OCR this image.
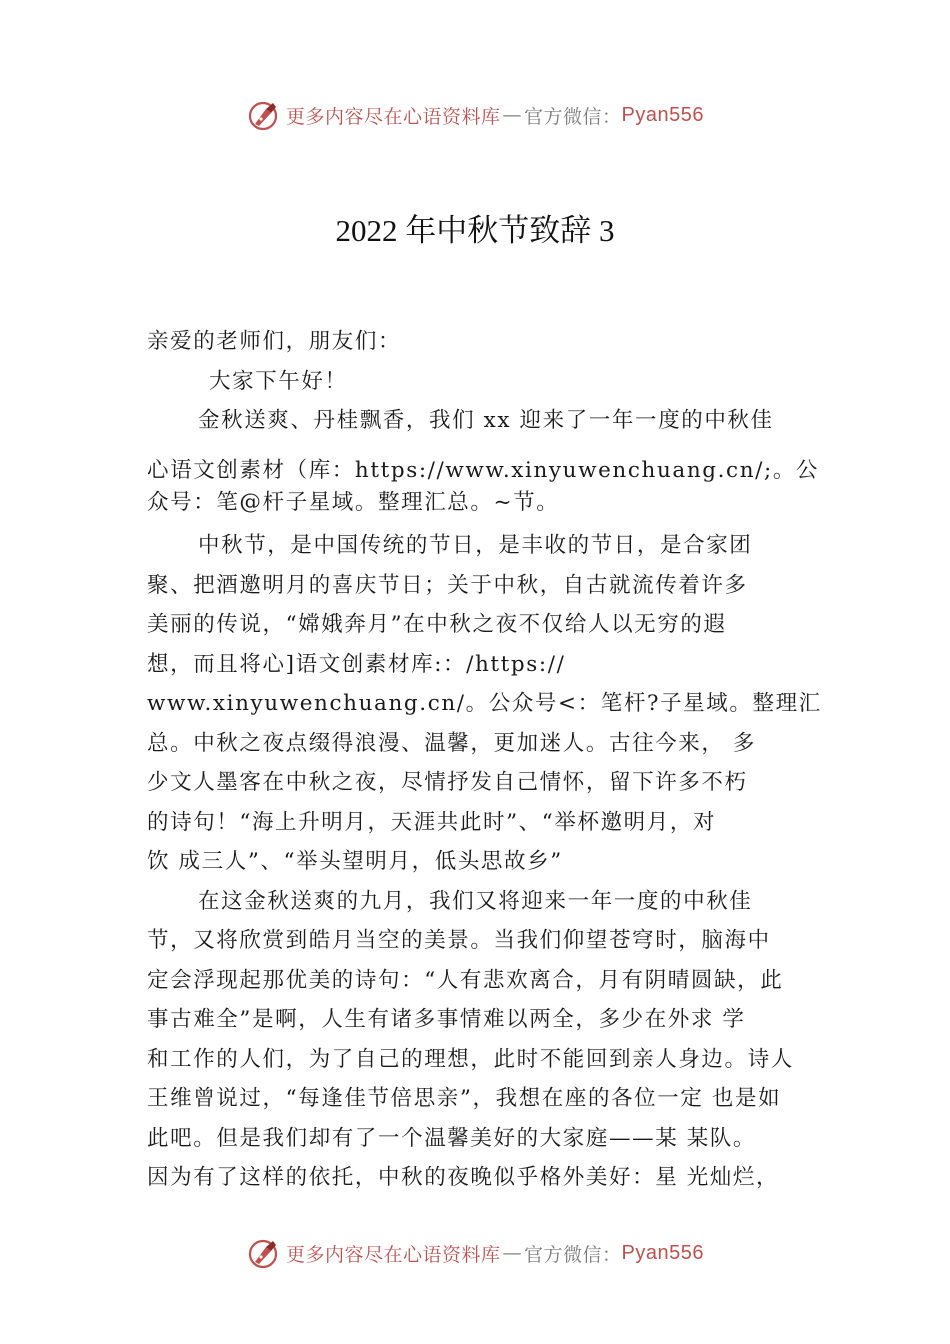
更多内容尽在心语资料库 — 官方微信： Pyan556
2022 年中秋节致辞 3

亲爱的老师们，朋友们：

大家下午好！

金秋送爽、丹桂飘香，我们 xx 迎来了一年一度的中秋佳

心语文创素材（库：https://www.xinyuwenchuang.cn/;。公

众号：笔@杆子星域。整理汇总。~节。

中秋节，是中国传统的节日，是丰收的节日，是合家团

聚、把酒邀明月的喜庆节日；关于中秋，自古就流传着许多

美丽的传说，“嫦娥奔月”在中秋之夜不仅给人以无穷的遐

想，而且将心]语文创素材库:：/https://

www.xinyuwenchuang.cn/。公众号<：笔杆?子星域。整理汇

总。中秋之夜点缀得浪漫、温馨，更加迷人。古往今来， 多

少文人墨客在中秋之夜，尽情抒发自己情怀，留下许多不朽

的诗句！“海上升明月，天涯共此时”、“举杯邀明月，对

饮 成三人”、“举头望明月，低头思故乡”

在这金秋送爽的九月，我们又将迎来一年一度的中秋佳

节，又将欣赏到皓月当空的美景。当我们仰望苍穹时，脑海中

定会浮现起那优美的诗句：“人有悲欢离合，月有阴晴圆缺，此

事古难全”是啊，人生有诸多事情难以两全，多少在外求 学

和工作的人们，为了自己的理想，此时不能回到亲人身边。诗人

王维曾说过，“每逢佳节倍思亲”，我想在座的各位一定 也是如

此吧。但是我们却有了一个温馨美好的大家庭——某 某队。

因为有了这样的依托，中秋的夜晚似乎格外美好：星 光灿烂，

更多内容尽在心语资料库 — 官方微信： Pyan556
